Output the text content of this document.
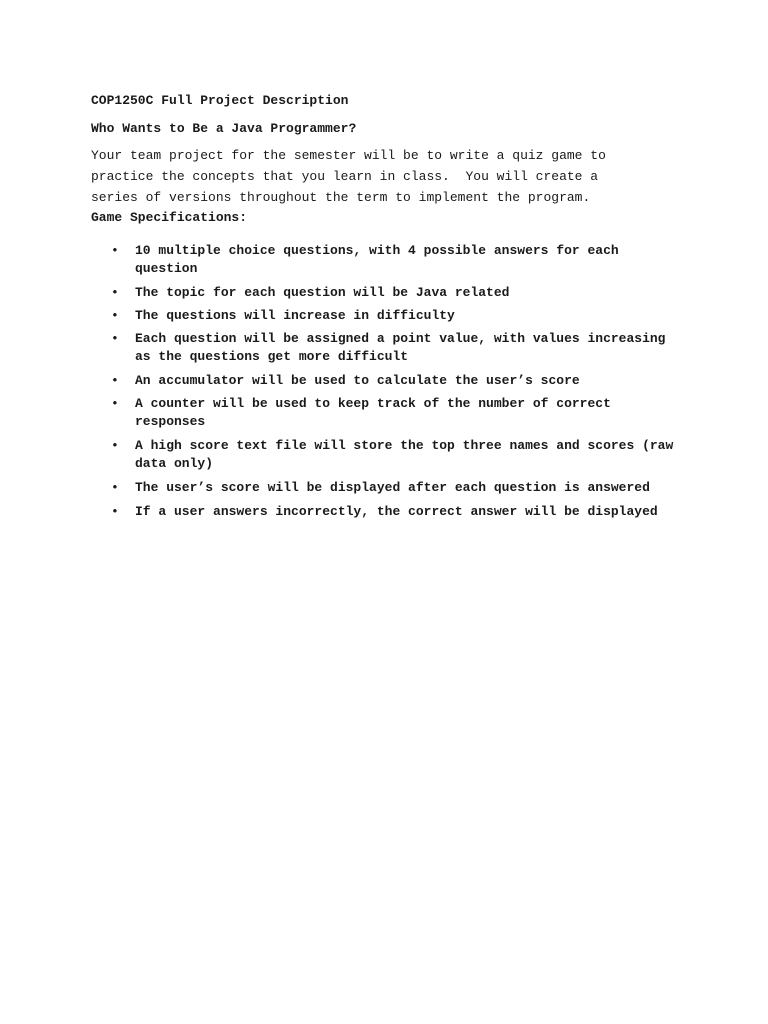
COP1250C Full Project Description
Who Wants to Be a Java Programmer?
Your team project for the semester will be to write a quiz game to
practice the concepts that you learn in class.  You will create a
series of versions throughout the term to implement the program.
Game Specifications:
• 10 multiple choice questions, with 4 possible answers for each question
• The topic for each question will be Java related
• The questions will increase in difficulty
• Each question will be assigned a point value, with values increasing as the questions get more difficult
• An accumulator will be used to calculate the user’s score
• A counter will be used to keep track of the number of correct responses
• A high score text file will store the top three names and scores (raw data only)
• The user’s score will be displayed after each question is answered
• If a user answers incorrectly, the correct answer will be displayed
